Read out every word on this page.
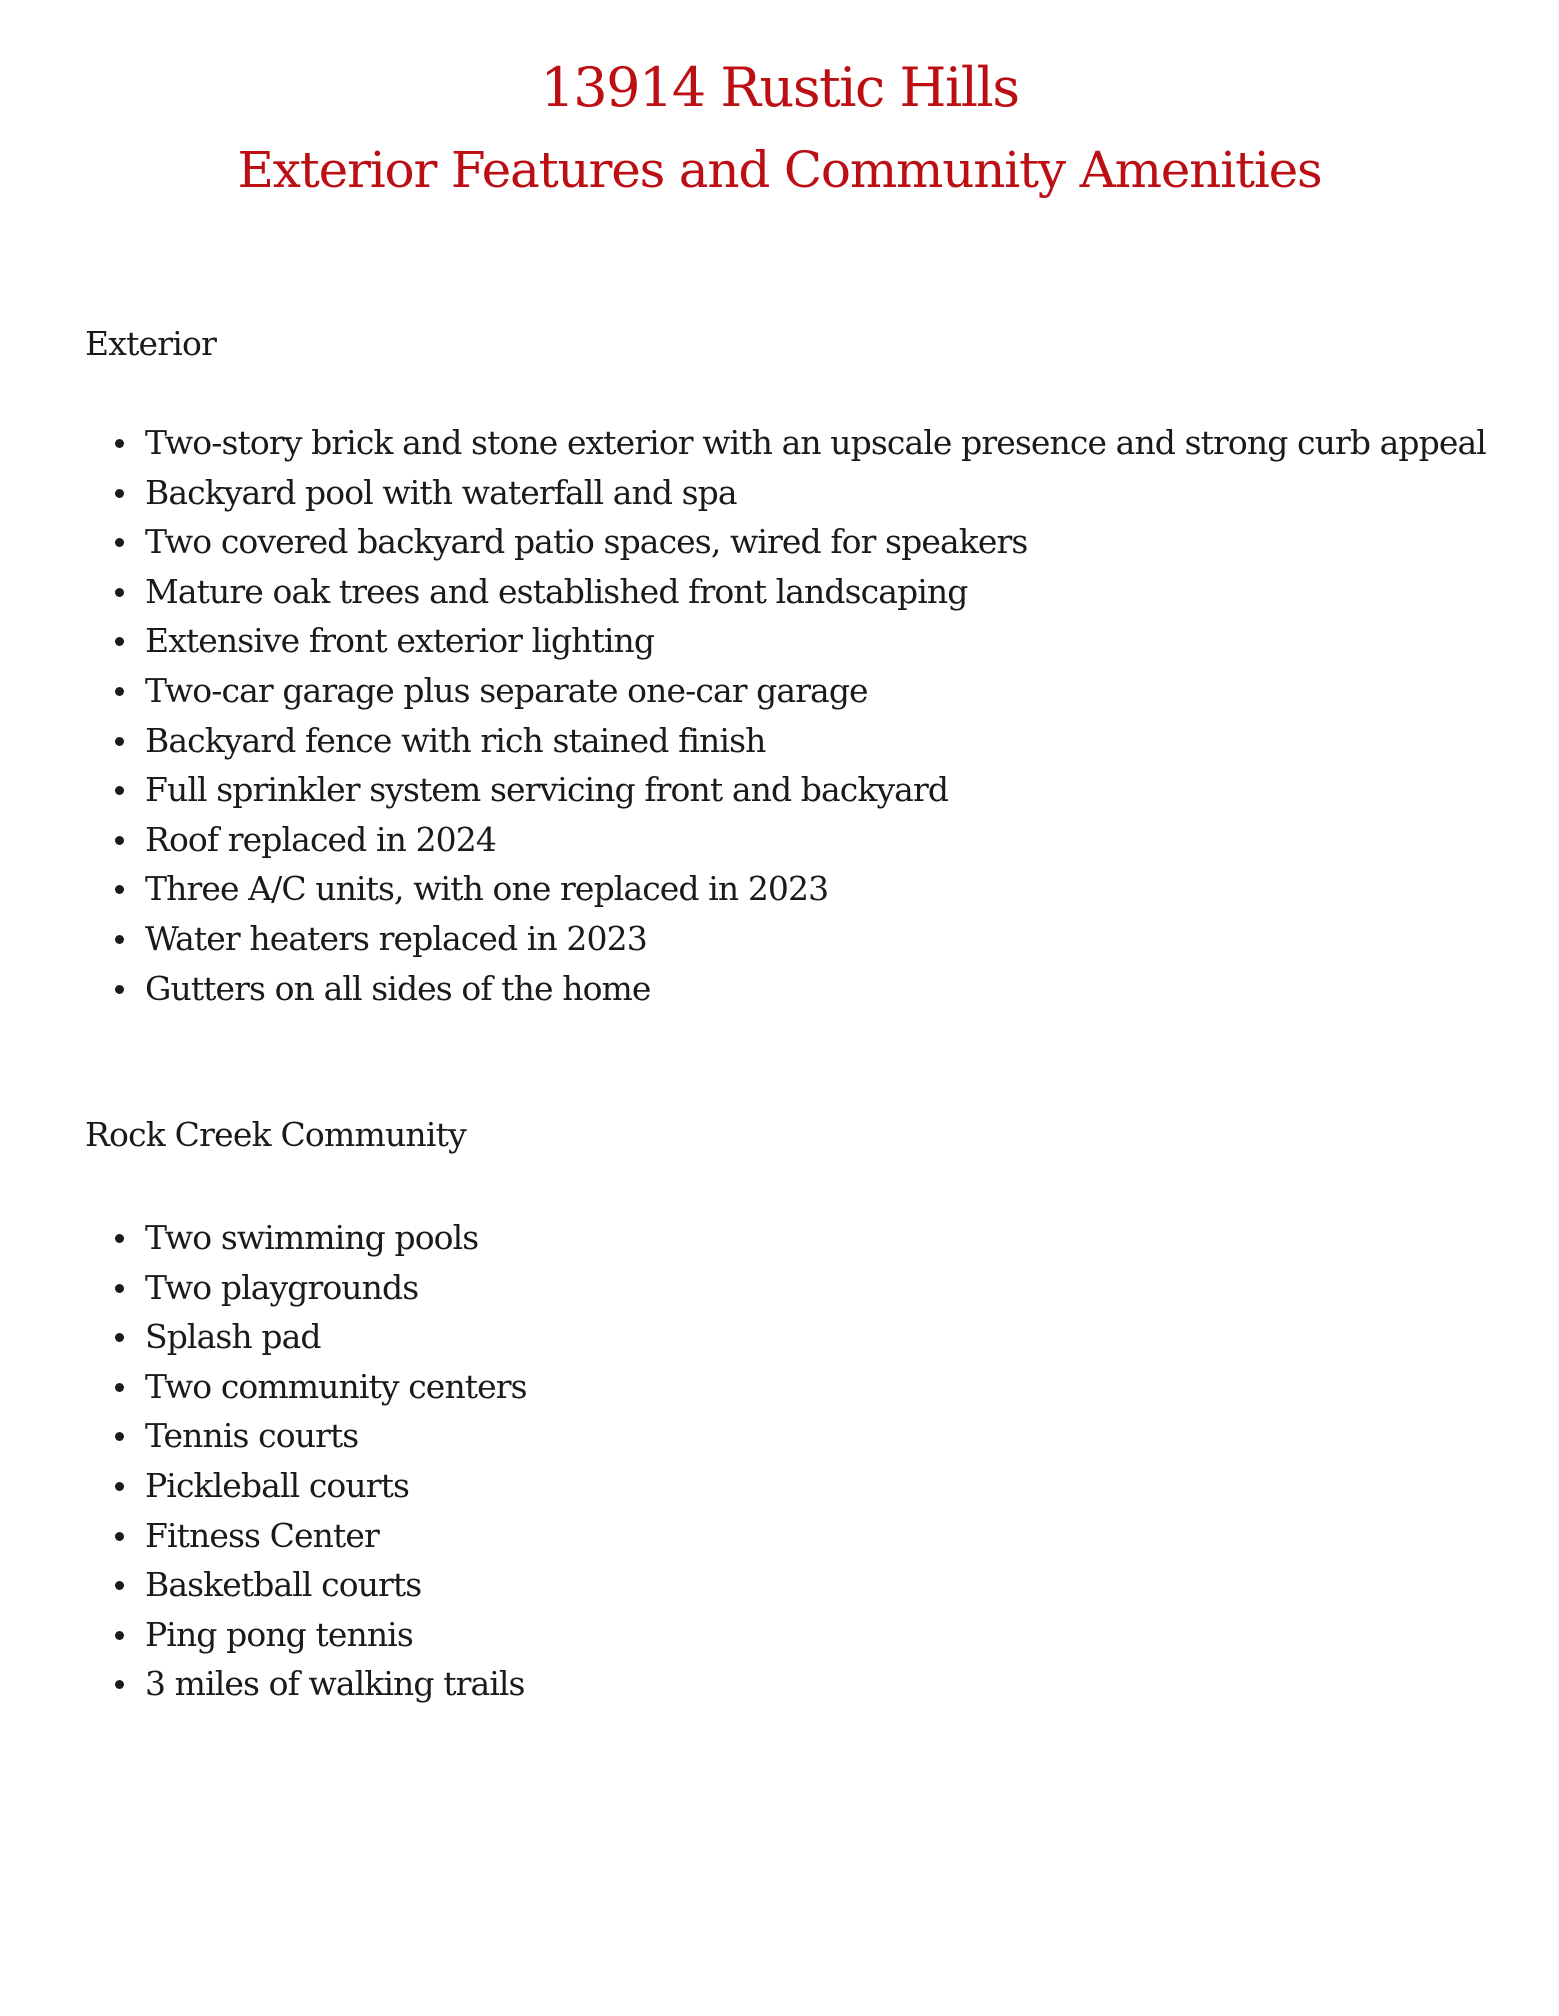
13914 Rustic Hills
Exterior Features and Community Amenities
Exterior
Two-story brick and stone exterior with an upscale presence and strong curb appeal
Backyard pool with waterfall and spa
Two covered backyard patio spaces, wired for speakers
Mature oak trees and established front landscaping
Extensive front exterior lighting
Two-car garage plus separate one-car garage
Backyard fence with rich stained finish
Full sprinkler system servicing front and backyard
Roof replaced in 2024
Three A/C units, with one replaced in 2023
Water heaters replaced in 2023
Gutters on all sides of the home
Rock Creek Community
Two swimming pools
Two playgrounds
Splash pad
Two community centers
Tennis courts
Pickleball courts
Fitness Center
Basketball courts
Ping pong tennis
3 miles of walking trails
